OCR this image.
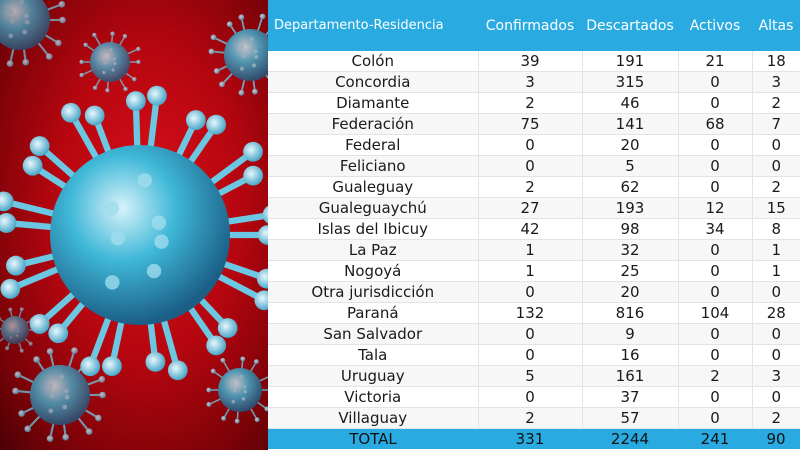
Departamento-Residencia	Confirmados	Descartados	Activos	Altas
Colón	39	191	21	18
Concordia	3	315	0	3
Diamante	2	46	0	2
Federación	75	141	68	7
Federal	0	20	0	0
Feliciano	0	5	0	0
Gualeguay	2	62	0	2
Gualeguaychú	27	193	12	15
Islas del Ibicuy	42	98	34	8
La Paz	1	32	0	1
Nogoyá	1	25	0	1
Otra jurisdicción	0	20	0	0
Paraná	132	816	104	28
San Salvador	0	9	0	0
Tala	0	16	0	0
Uruguay	5	161	2	3
Victoria	0	37	0	0
Villaguay	2	57	0	2
TOTAL	331	2244	241	90
